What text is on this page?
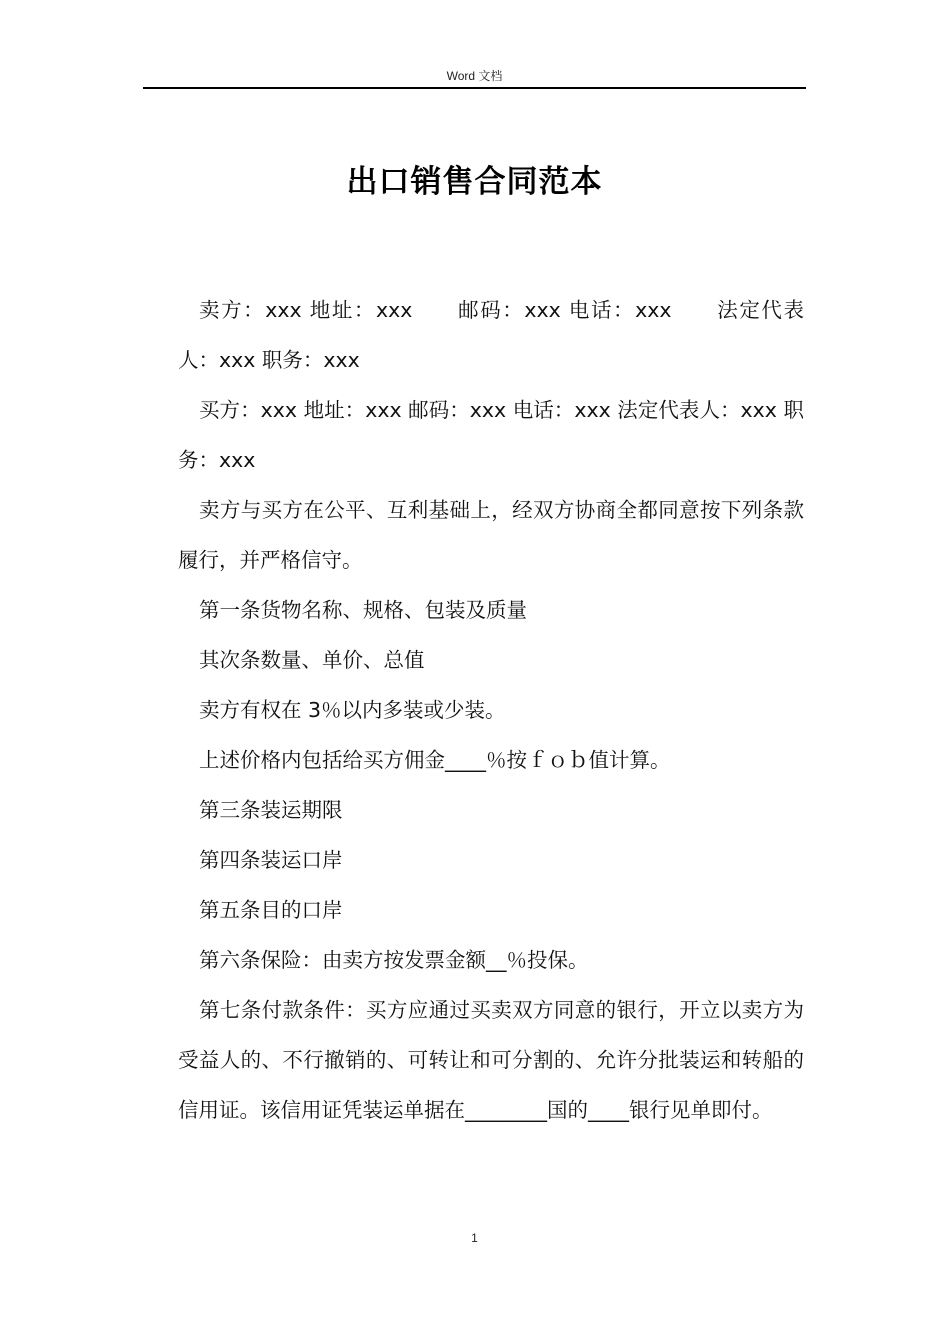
Word 文档
出口销售合同范本

卖方：xxx 地址：xxx　　邮码：xxx 电话：xxx　　法定代表人：xxx 职务：xxx

买方：xxx 地址：xxx 邮码：xxx 电话：xxx 法定代表人：xxx 职务：xxx

卖方与买方在公平、互利基础上，经双方协商全都同意按下列条款履行，并严格信守。

第一条货物名称、规格、包装及质量

其次条数量、单价、总值

卖方有权在 3％以内多装或少装。

上述价格内包括给买方佣金____％按ｆｏｂ值计算。

第三条装运期限

第四条装运口岸

第五条目的口岸

第六条保险：由卖方按发票金额__％投保。

第七条付款条件：买方应通过买卖双方同意的银行，开立以卖方为受益人的、不行撤销的、可转让和可分割的、允许分批装运和转船的信用证。该信用证凭装运单据在________国的____银行见单即付。

1
